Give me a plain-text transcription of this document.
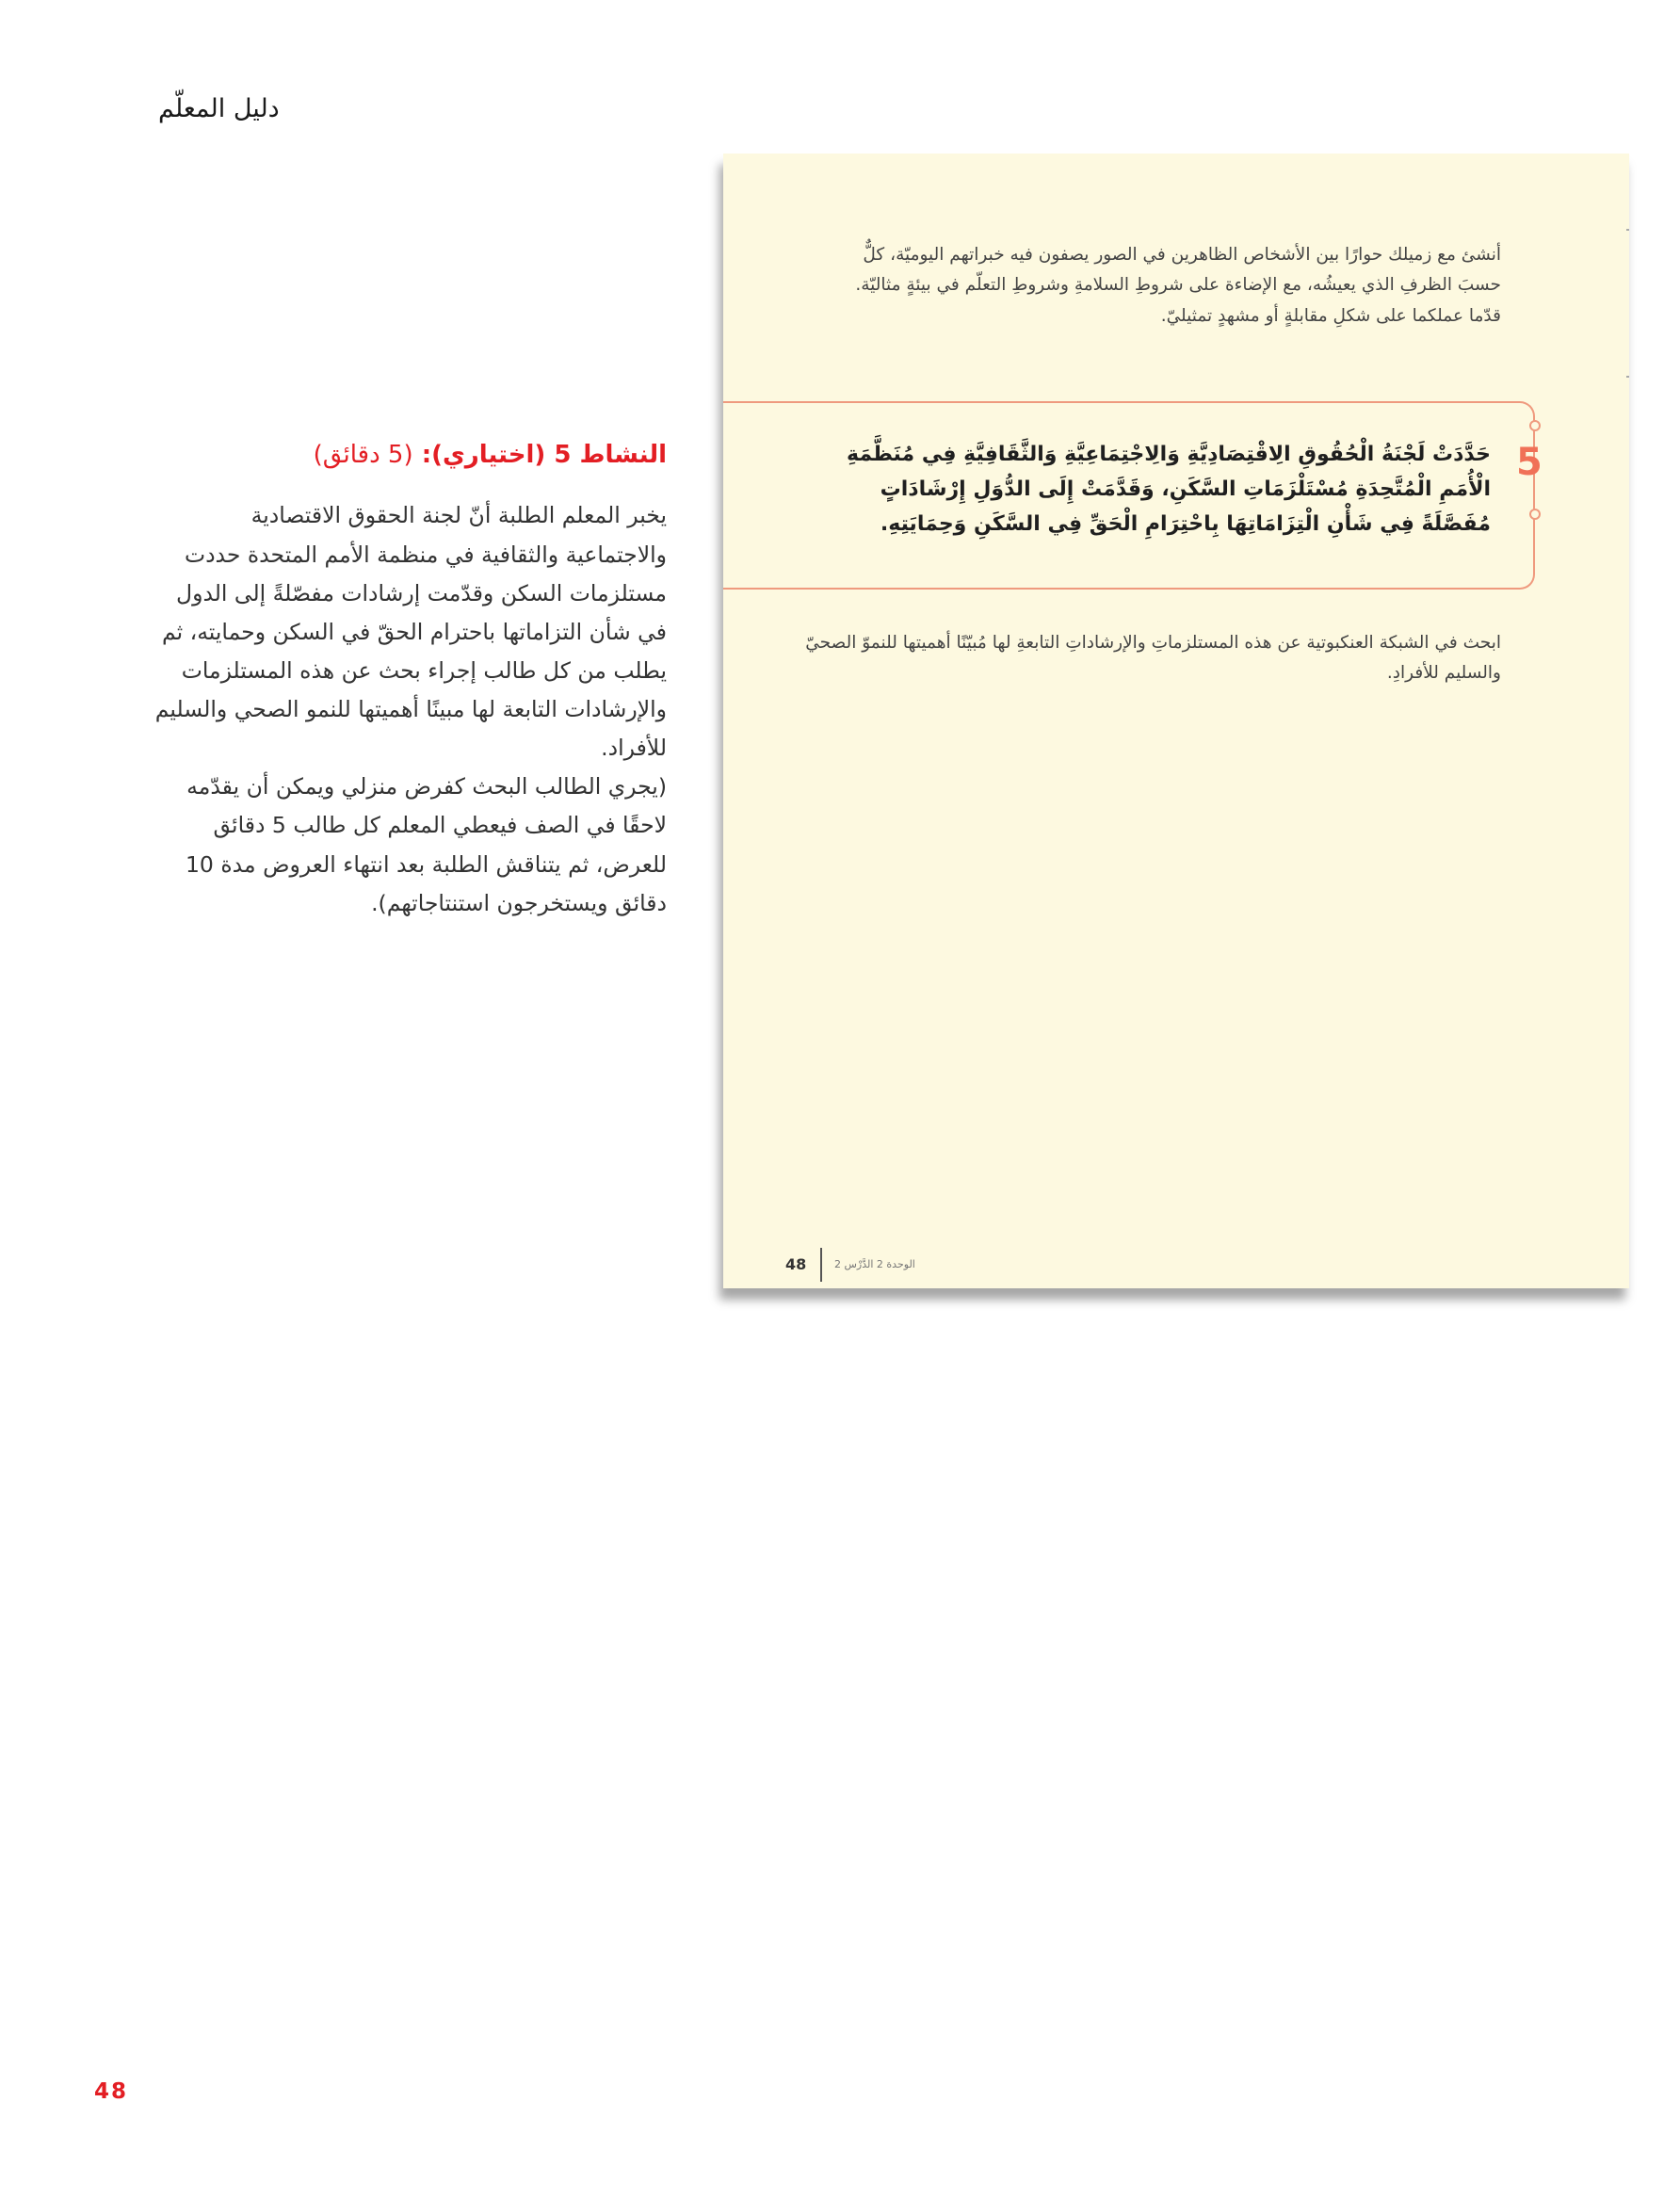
دليل المعلّم
النشاط 5 (اختياري): (5 دقائق)

يخبر المعلم الطلبة أنّ لجنة الحقوق الاقتصادية والاجتماعية والثقافية في منظمة الأمم المتحدة حددت مستلزمات السكن وقدّمت إرشادات مفصّلةً إلى الدول في شأن التزاماتها باحترام الحقّ في السكن وحمايته، ثم يطلب من كل طالب إجراء بحث عن هذه المستلزمات والإرشادات التابعة لها مبينًا أهميتها للنمو الصحي والسليم للأفراد.

(يجري الطالب البحث كفرض منزلي ويمكن أن يقدّمه لاحقًا في الصف فيعطي المعلم كل طالب 5 دقائق للعرض، ثم يتناقش الطلبة بعد انتهاء العروض مدة 10 دقائق ويستخرجون استنتاجاتهم).

أنشئ مع زميلك حوارًا بين الأشخاص الظاهرين في الصور يصفون فيه خبراتهم اليوميّة، كلٌّ حسبَ الظرفِ الذي يعيشُه، مع الإضاءة على شروطِ السلامةِ وشروطِ التعلّم في بيئةٍ مثاليّة.

قدّما عملكما على شكلِ مقابلةٍ أو مشهدٍ تمثيليّ.

5
حَدَّدَتْ لَجْنَةُ الْحُقُوقِ الِاقْتِصَادِيَّةِ وَالِاجْتِمَاعِيَّةِ وَالثَّقَافِيَّةِ فِي مُنَظَّمَةِ الْأُمَمِ الْمُتَّحِدَةِ مُسْتَلْزَمَاتِ السَّكَنِ، وَقَدَّمَتْ إِلَى الدُّوَلِ إِرْشَادَاتٍ مُفَصَّلَةً فِي شَأْنِ الْتِزَامَاتِهَا بِاحْتِرَامِ الْحَقِّ فِي السَّكَنِ وَحِمَايَتِهِ.
ابحث في الشبكة العنكبوتية عن هذه المستلزماتِ والإرشاداتِ التابعةِ لها مُبيّنًا أهميتها للنموّ الصحيّ والسليم للأفرادِ.
48	الوحدة 2 الدَّرْس 2
48
